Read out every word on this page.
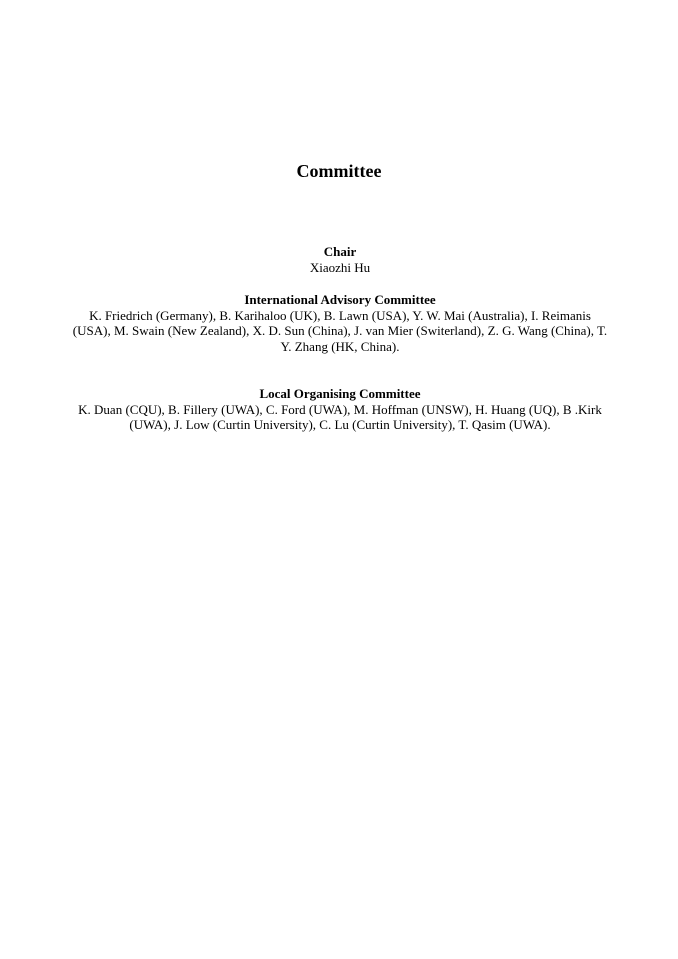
Committee
Chair
Xiaozhi Hu
International Advisory Committee
K. Friedrich (Germany), B. Karihaloo (UK), B. Lawn (USA), Y. W. Mai (Australia), I. Reimanis (USA), M. Swain (New Zealand), X. D. Sun (China), J. van Mier (Switerland), Z. G. Wang (China), T. Y. Zhang (HK, China).
Local Organising Committee
K. Duan (CQU), B. Fillery (UWA), C. Ford (UWA), M. Hoffman (UNSW), H. Huang (UQ), B .Kirk (UWA), J. Low (Curtin University), C. Lu (Curtin University), T. Qasim (UWA).
